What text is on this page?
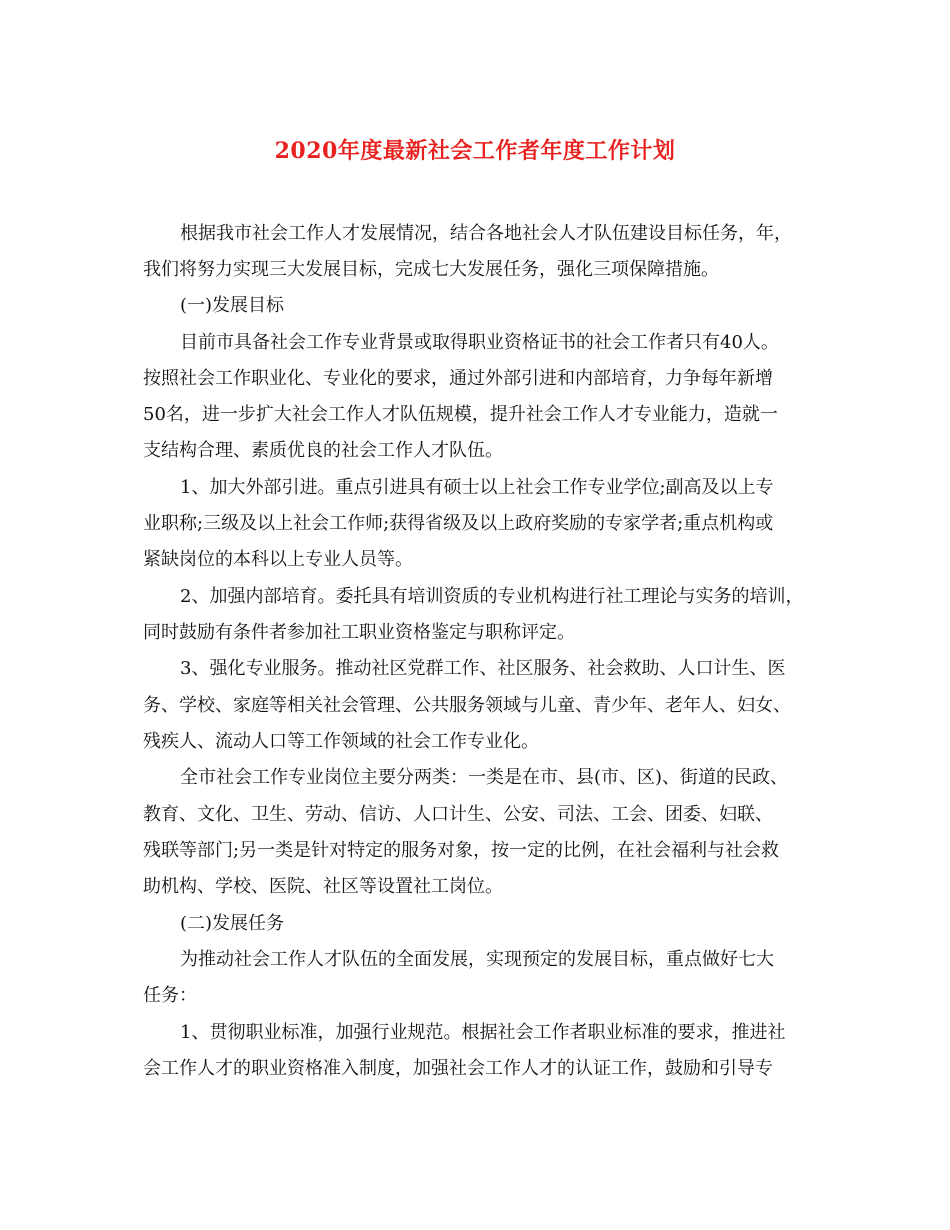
2020年度最新社会工作者年度工作计划
根据我市社会工作人才发展情况，结合各地社会人才队伍建设目标任务，年，
我们将努力实现三大发展目标，完成七大发展任务，强化三项保障措施。
(一)发展目标
目前市具备社会工作专业背景或取得职业资格证书的社会工作者只有40人。
按照社会工作职业化、专业化的要求，通过外部引进和内部培育，力争每年新增
50名，进一步扩大社会工作人才队伍规模，提升社会工作人才专业能力，造就一
支结构合理、素质优良的社会工作人才队伍。
1、加大外部引进。重点引进具有硕士以上社会工作专业学位;副高及以上专
业职称;三级及以上社会工作师;获得省级及以上政府奖励的专家学者;重点机构或
紧缺岗位的本科以上专业人员等。
2、加强内部培育。委托具有培训资质的专业机构进行社工理论与实务的培训，
同时鼓励有条件者参加社工职业资格鉴定与职称评定。
3、强化专业服务。推动社区党群工作、社区服务、社会救助、人口计生、医
务、学校、家庭等相关社会管理、公共服务领域与儿童、青少年、老年人、妇女、
残疾人、流动人口等工作领域的社会工作专业化。
全市社会工作专业岗位主要分两类：一类是在市、县(市、区)、街道的民政、
教育、文化、卫生、劳动、信访、人口计生、公安、司法、工会、团委、妇联、
残联等部门;另一类是针对特定的服务对象，按一定的比例，在社会福利与社会救
助机构、学校、医院、社区等设置社工岗位。
(二)发展任务
为推动社会工作人才队伍的全面发展，实现预定的发展目标，重点做好七大
任务：
1、贯彻职业标准，加强行业规范。根据社会工作者职业标准的要求，推进社
会工作人才的职业资格准入制度，加强社会工作人才的认证工作，鼓励和引导专
